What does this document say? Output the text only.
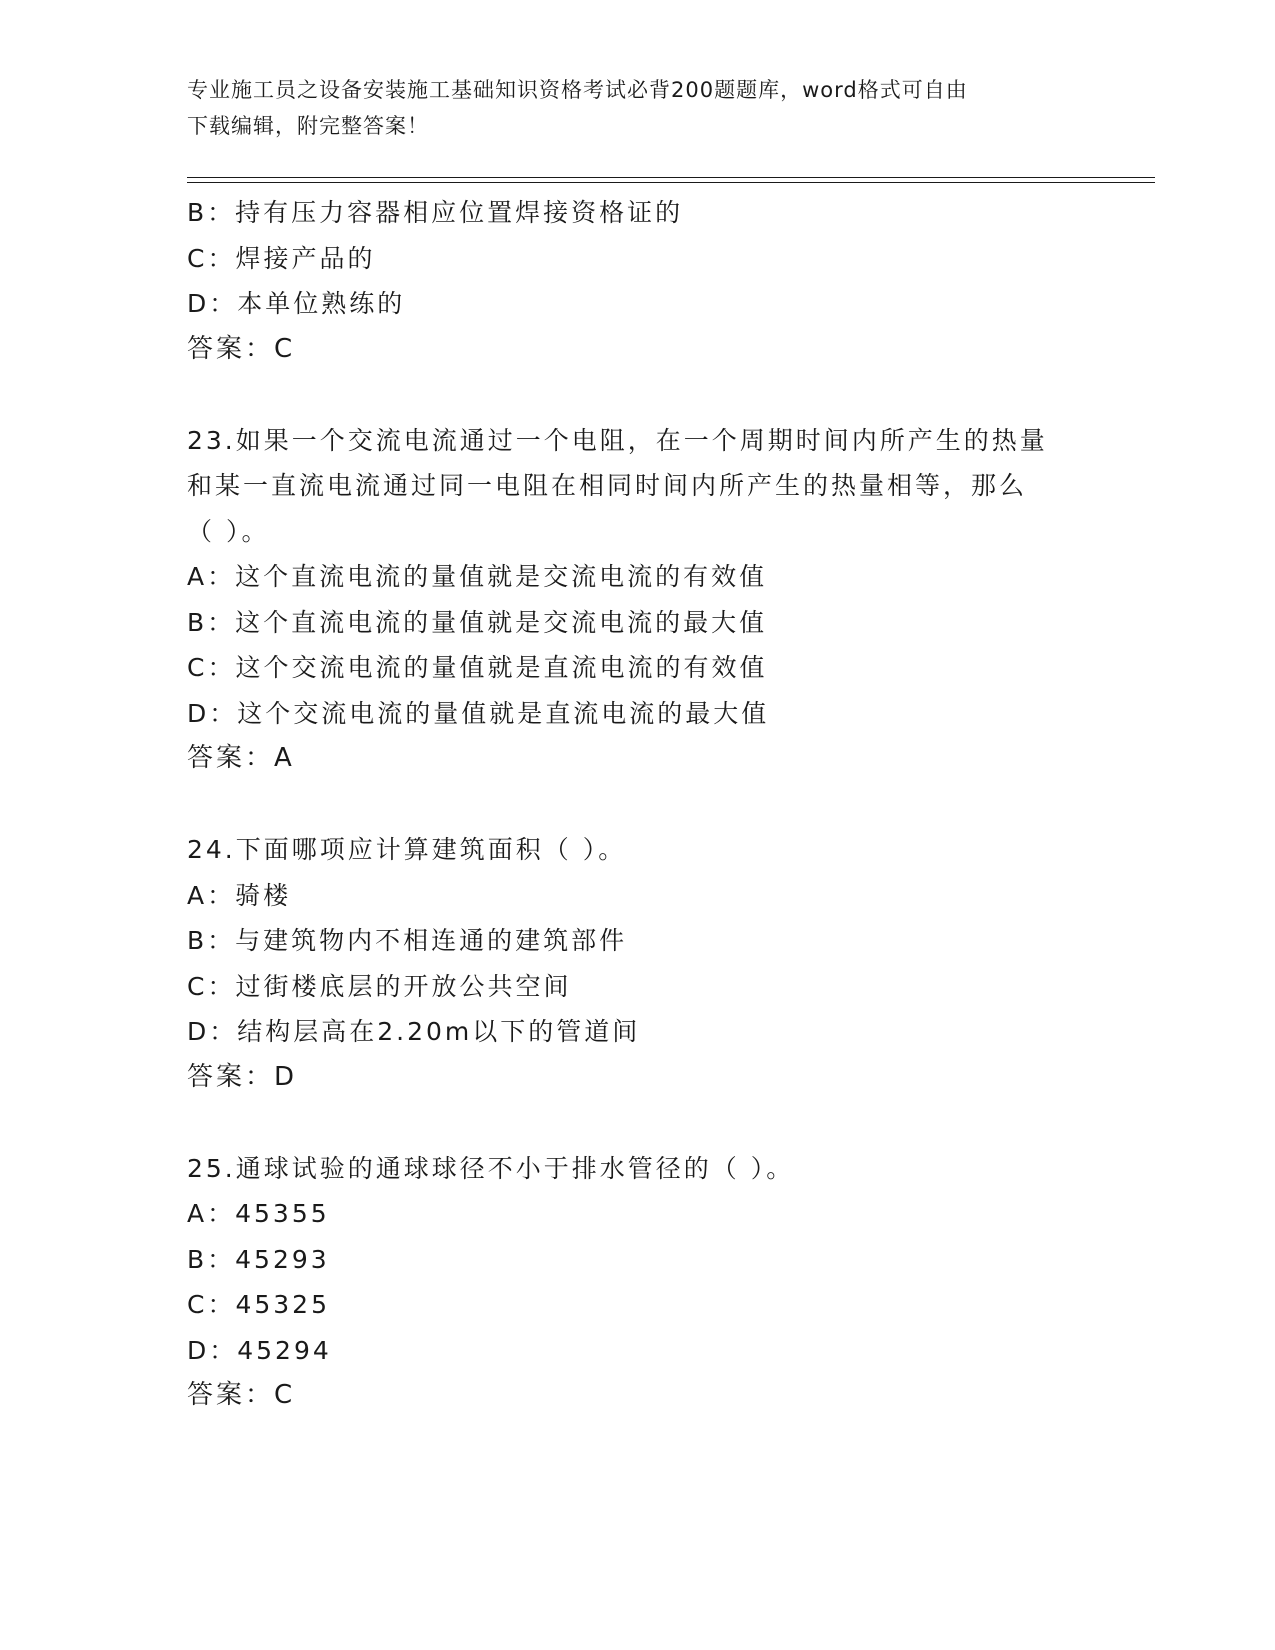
专业施工员之设备安装施工基础知识资格考试必背200题题库，word格式可自由
下载编辑，附完整答案！
B：持有压力容器相应位置焊接资格证的
C：焊接产品的
D：本单位熟练的
答案：C
23.如果一个交流电流通过一个电阻，在一个周期时间内所产生的热量
和某一直流电流通过同一电阻在相同时间内所产生的热量相等，那么
（ ）。
A：这个直流电流的量值就是交流电流的有效值
B：这个直流电流的量值就是交流电流的最大值
C：这个交流电流的量值就是直流电流的有效值
D：这个交流电流的量值就是直流电流的最大值
答案：A
24.下面哪项应计算建筑面积（ ）。
A：骑楼
B：与建筑物内不相连通的建筑部件
C：过街楼底层的开放公共空间
D：结构层高在2.20m以下的管道间
答案：D
25.通球试验的通球球径不小于排水管径的（ ）。
A：45355
B：45293
C：45325
D：45294
答案：C
